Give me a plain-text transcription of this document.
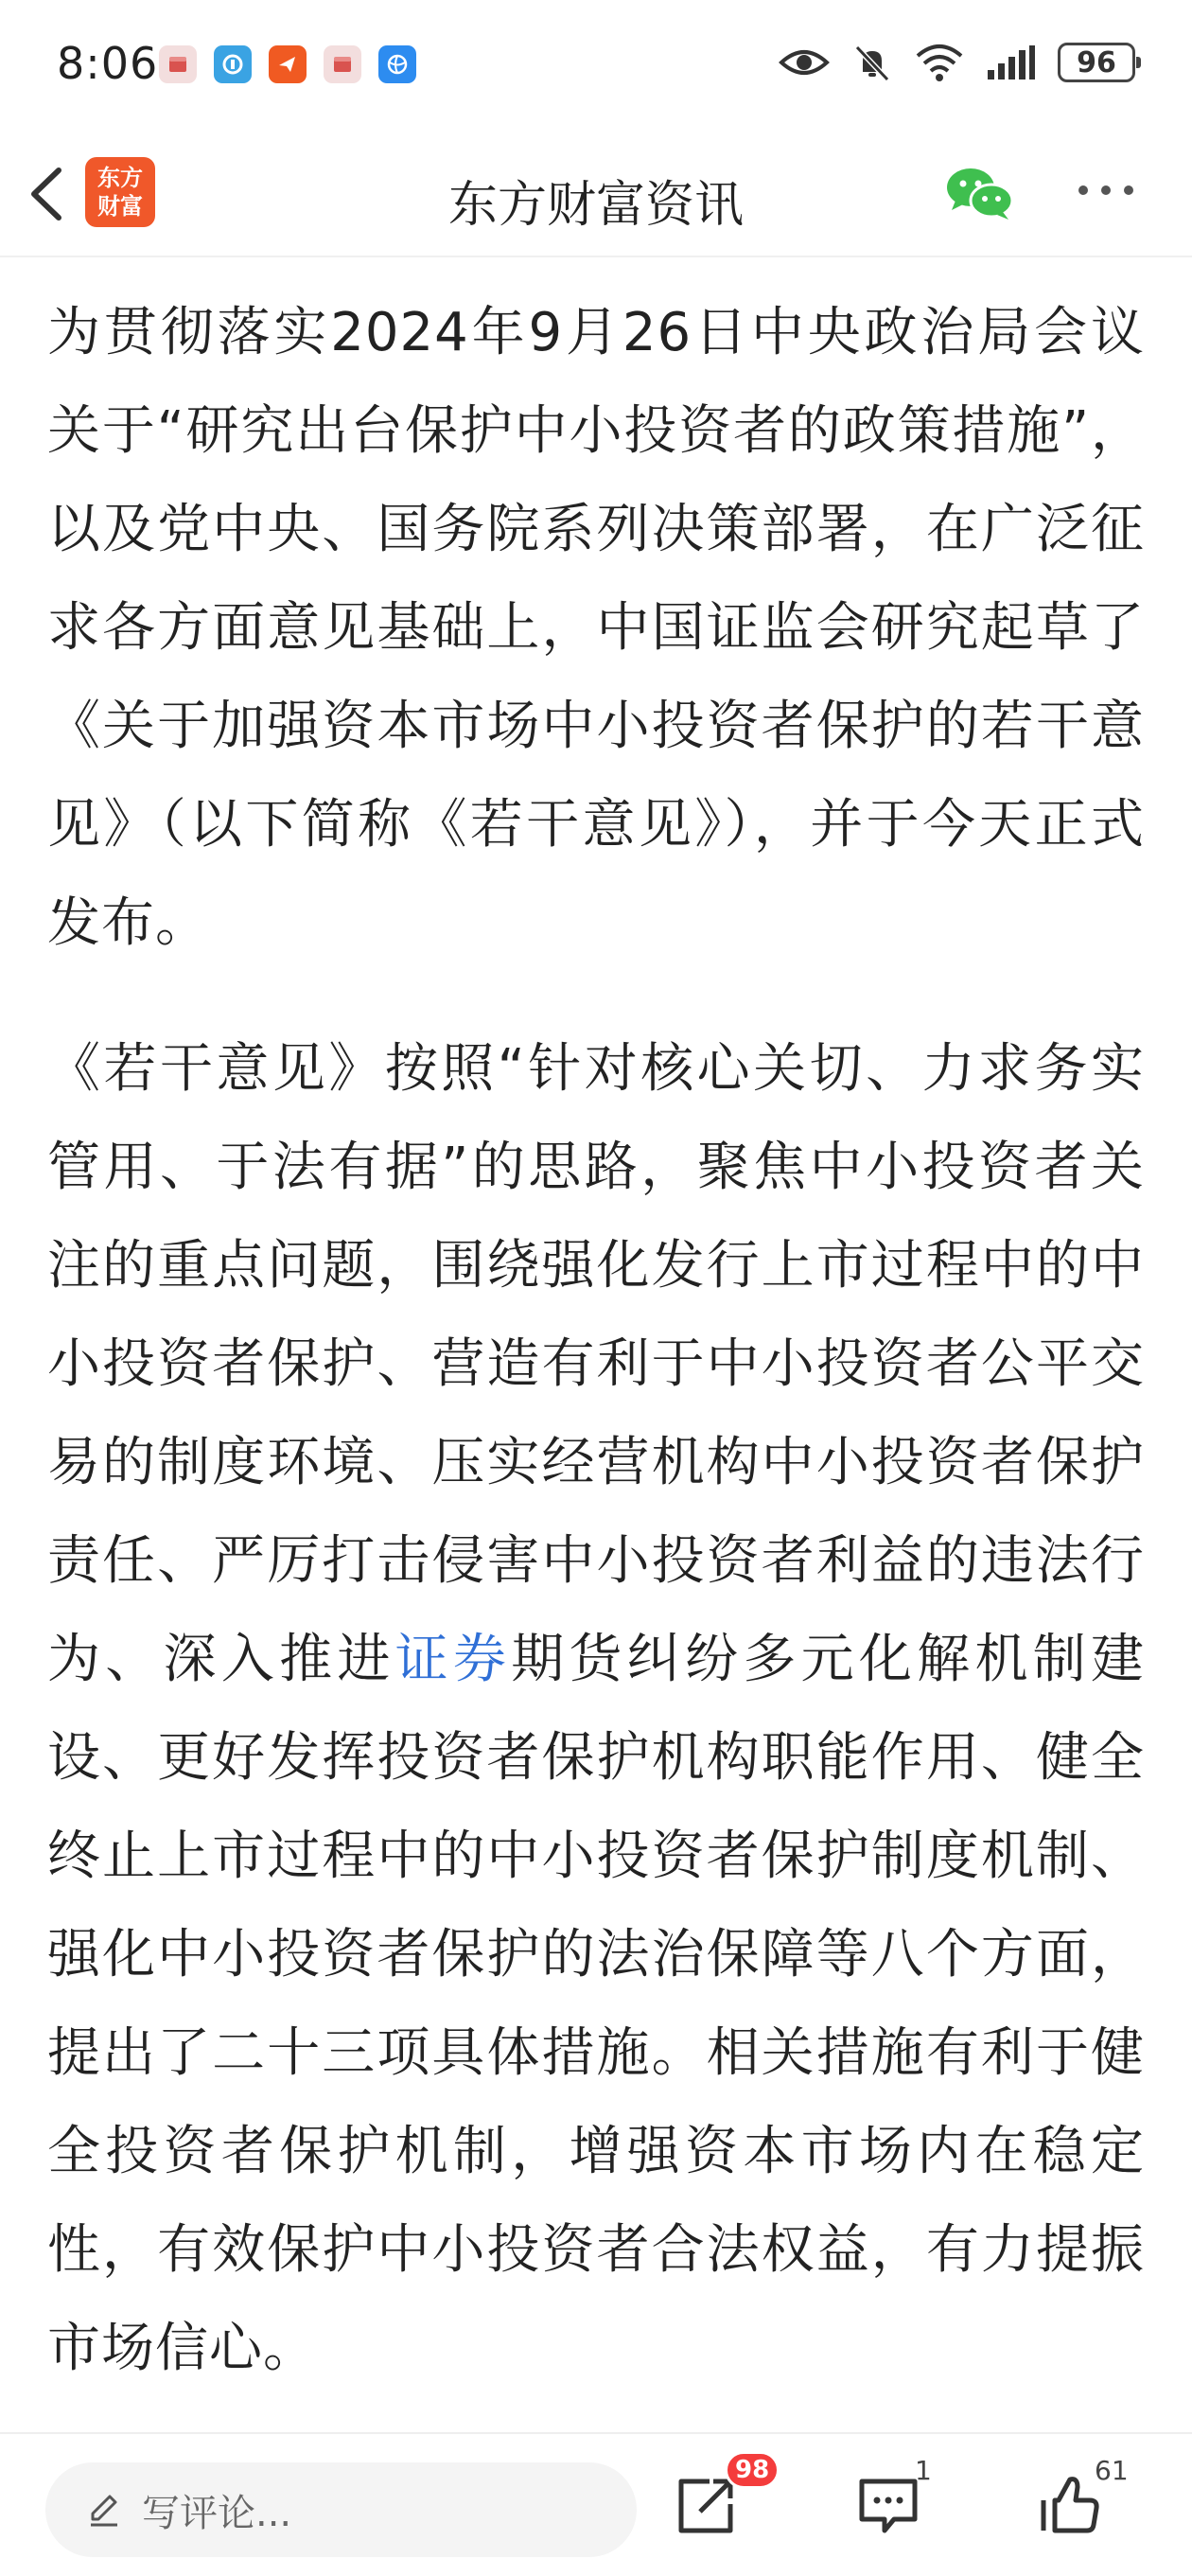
8:06	96
东方
财富	东方财富资讯

为贯彻落实2024年9月26日中央政治局会议关于“研究出台保护中小投资者的政策措施”，以及党中央、国务院系列决策部署，在广泛征求各方面意见基础上，中国证监会研究起草了《关于加强资本市场中小投资者保护的若干意见》（以下简称《若干意见》），并于今天正式发布。

《若干意见》按照“针对核心关切、力求务实管用、于法有据”的思路，聚焦中小投资者关注的重点问题，围绕强化发行上市过程中的中小投资者保护、营造有利于中小投资者公平交易的制度环境、压实经营机构中小投资者保护责任、严厉打击侵害中小投资者利益的违法行为、深入推进证券期货纠纷多元化解机制建设、更好发挥投资者保护机构职能作用、健全终止上市过程中的中小投资者保护制度机制、强化中小投资者保护的法治保障等八个方面，提出了二十三项具体措施。相关措施有利于健全投资者保护机制，增强资本市场内在稳定性，有效保护中小投资者合法权益，有力提振市场信心。

写评论...
98	1	61
